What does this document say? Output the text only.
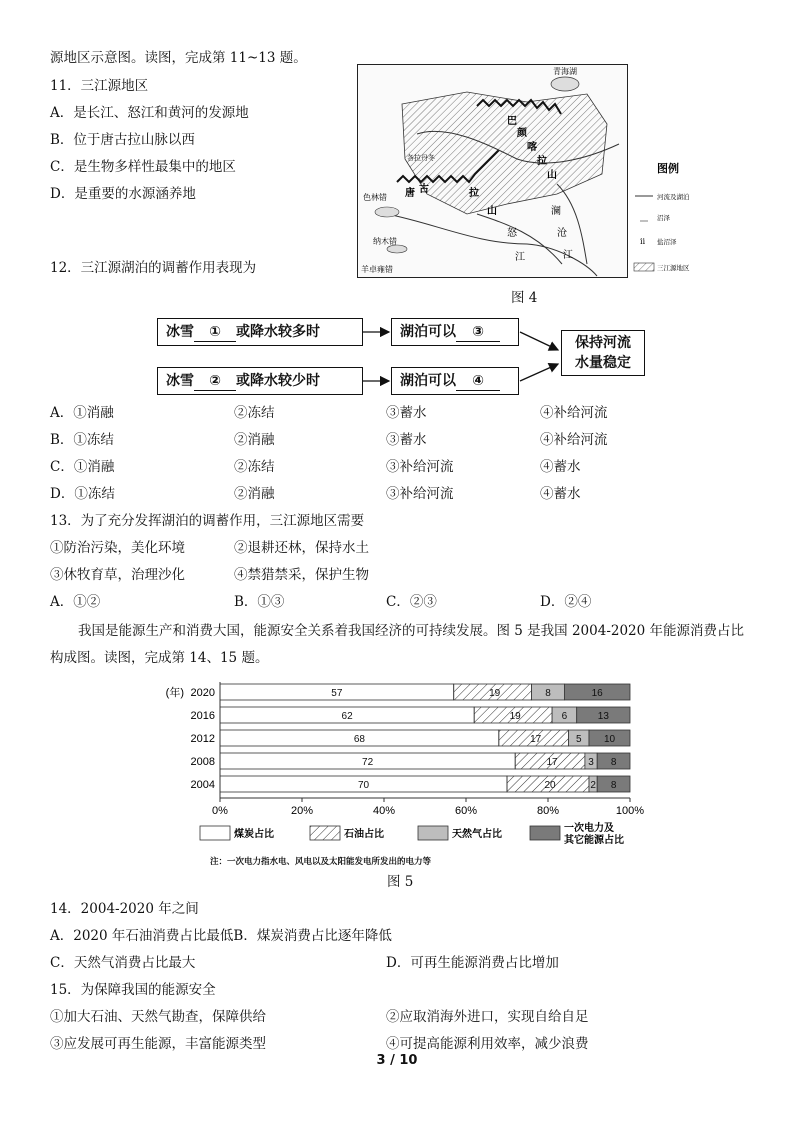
源地区示意图。读图，完成第 11~13 题。
11．三江源地区
A．是长江、怒江和黄河的发源地
B．位于唐古拉山脉以西
C．是生物多样性最集中的地区
D．是重要的水源涵养地
青海湖
巴
颜
喀
拉
山
唐 古	拉
山
怒
江
澜
沧
江
色林错
纳木错
羊卓雍错
各拉丹冬
图例
河流及湖泊
‗‗ 沼泽
ⅱ 盐沼泽
三江源地区
12．三江源湖泊的调蓄作用表现为
图 4
冰雪 ① 或降水较多时
冰雪 ② 或降水较少时
湖泊可以 ③
湖泊可以 ④
保持河流
水量稳定
A．①消融	②冻结	③蓄水	④补给河流
B．①冻结	②消融	③蓄水	④补给河流
C．①消融	②冻结	③补给河流	④蓄水
D．①冻结	②消融	③补给河流	④蓄水
13．为了充分发挥湖泊的调蓄作用，三江源地区需要
①防治污染，美化环境	②退耕还林，保持水土
③休牧育草，治理沙化	④禁猎禁采，保护生物
A．①②	B．①③	C．②③	D．②④
我国是能源生产和消费大国，能源安全关系着我国经济的可持续发展。图 5 是我国 2004-2020 年能源消费占比
构成图。读图，完成第 14、15 题。
57	19	8	16
62	19	6	13
68	17	5 10
72	17	3 8
70	20	2 8
2020
2016
2012
2008
2004
(年)
0%	20%	40%	60%	80%	100%
煤炭占比	石油占比	天然气占比
一次电力及
其它能源占比
注：一次电力指水电、风电以及太阳能发电所发出的电力等
图 5
14．2004-2020 年之间
A．2020 年石油消费占比最低B．煤炭消费占比逐年降低
C．天然气消费占比最大	D．可再生能源消费占比增加
15．为保障我国的能源安全
①加大石油、天然气勘查，保障供给	②应取消海外进口，实现自给自足
③应发展可再生能源，丰富能源类型	④可提高能源利用效率，减少浪费
3 / 10
